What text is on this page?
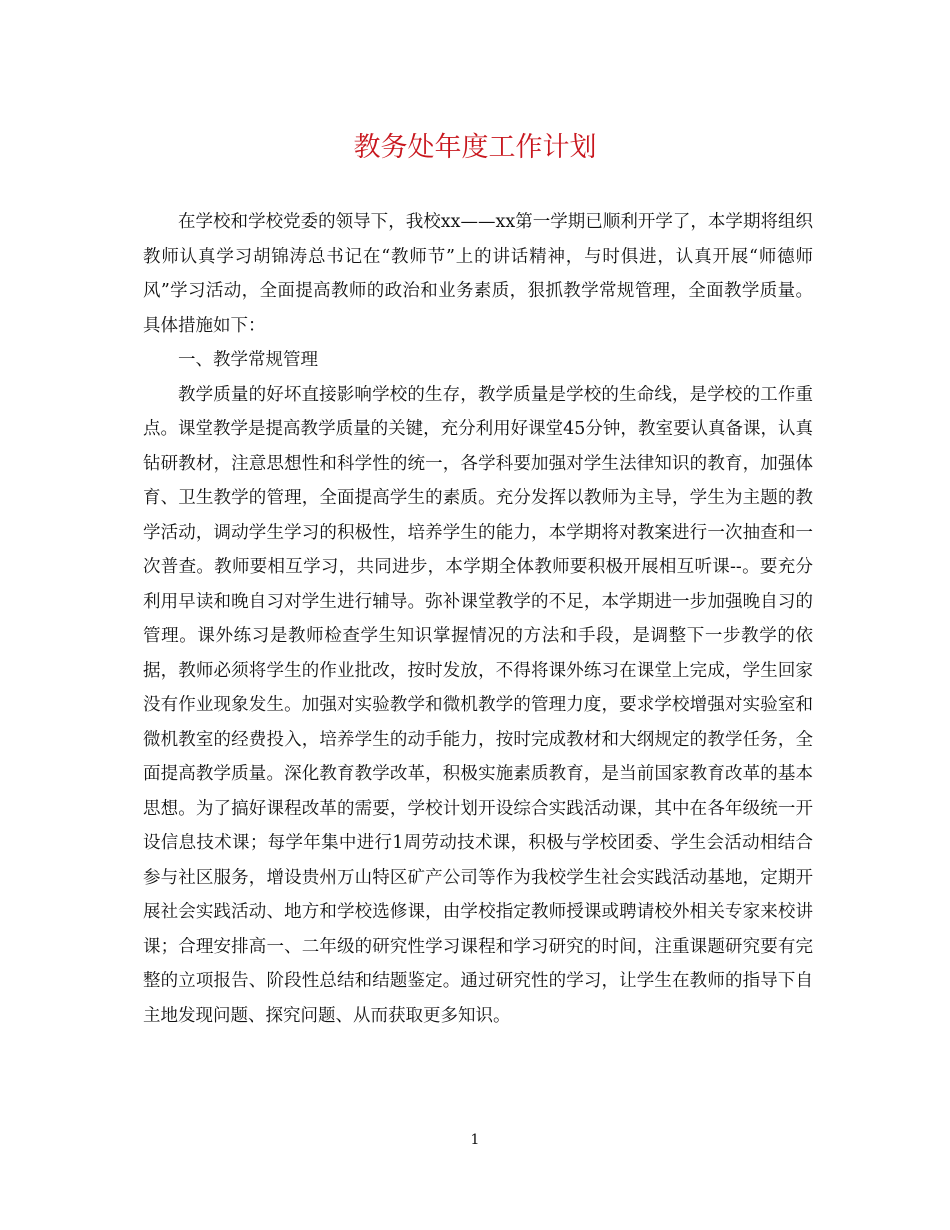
教务处年度工作计划

在学校和学校党委的领导下，我校xx——xx第一学期已顺利开学了，本学期将组织教师认真学习胡锦涛总书记在“教师节”上的讲话精神，与时俱进，认真开展“师德师风”学习活动，全面提高教师的政治和业务素质，狠抓教学常规管理，全面教学质量。具体措施如下：

一、教学常规管理

教学质量的好坏直接影响学校的生存，教学质量是学校的生命线，是学校的工作重点。课堂教学是提高教学质量的关键，充分利用好课堂45分钟，教室要认真备课，认真钻研教材，注意思想性和科学性的统一，各学科要加强对学生法律知识的教育，加强体育、卫生教学的管理，全面提高学生的素质。充分发挥以教师为主导，学生为主题的教学活动，调动学生学习的积极性，培养学生的能力，本学期将对教案进行一次抽查和一次普查。教师要相互学习，共同进步，本学期全体教师要积极开展相互听课--。要充分利用早读和晚自习对学生进行辅导。弥补课堂教学的不足，本学期进一步加强晚自习的管理。课外练习是教师检查学生知识掌握情况的方法和手段，是调整下一步教学的依据，教师必须将学生的作业批改，按时发放，不得将课外练习在课堂上完成，学生回家没有作业现象发生。加强对实验教学和微机教学的管理力度，要求学校增强对实验室和微机教室的经费投入，培养学生的动手能力，按时完成教材和大纲规定的教学任务，全面提高教学质量。深化教育教学改革，积极实施素质教育，是当前国家教育改革的基本思想。为了搞好课程改革的需要，学校计划开设综合实践活动课，其中在各年级统一开设信息技术课；每学年集中进行1周劳动技术课，积极与学校团委、学生会活动相结合参与社区服务，增设贵州万山特区矿产公司等作为我校学生社会实践活动基地，定期开展社会实践活动、地方和学校选修课，由学校指定教师授课或聘请校外相关专家来校讲课；合理安排高一、二年级的研究性学习课程和学习研究的时间，注重课题研究要有完整的立项报告、阶段性总结和结题鉴定。通过研究性的学习，让学生在教师的指导下自主地发现问题、探究问题、从而获取更多知识。

1
